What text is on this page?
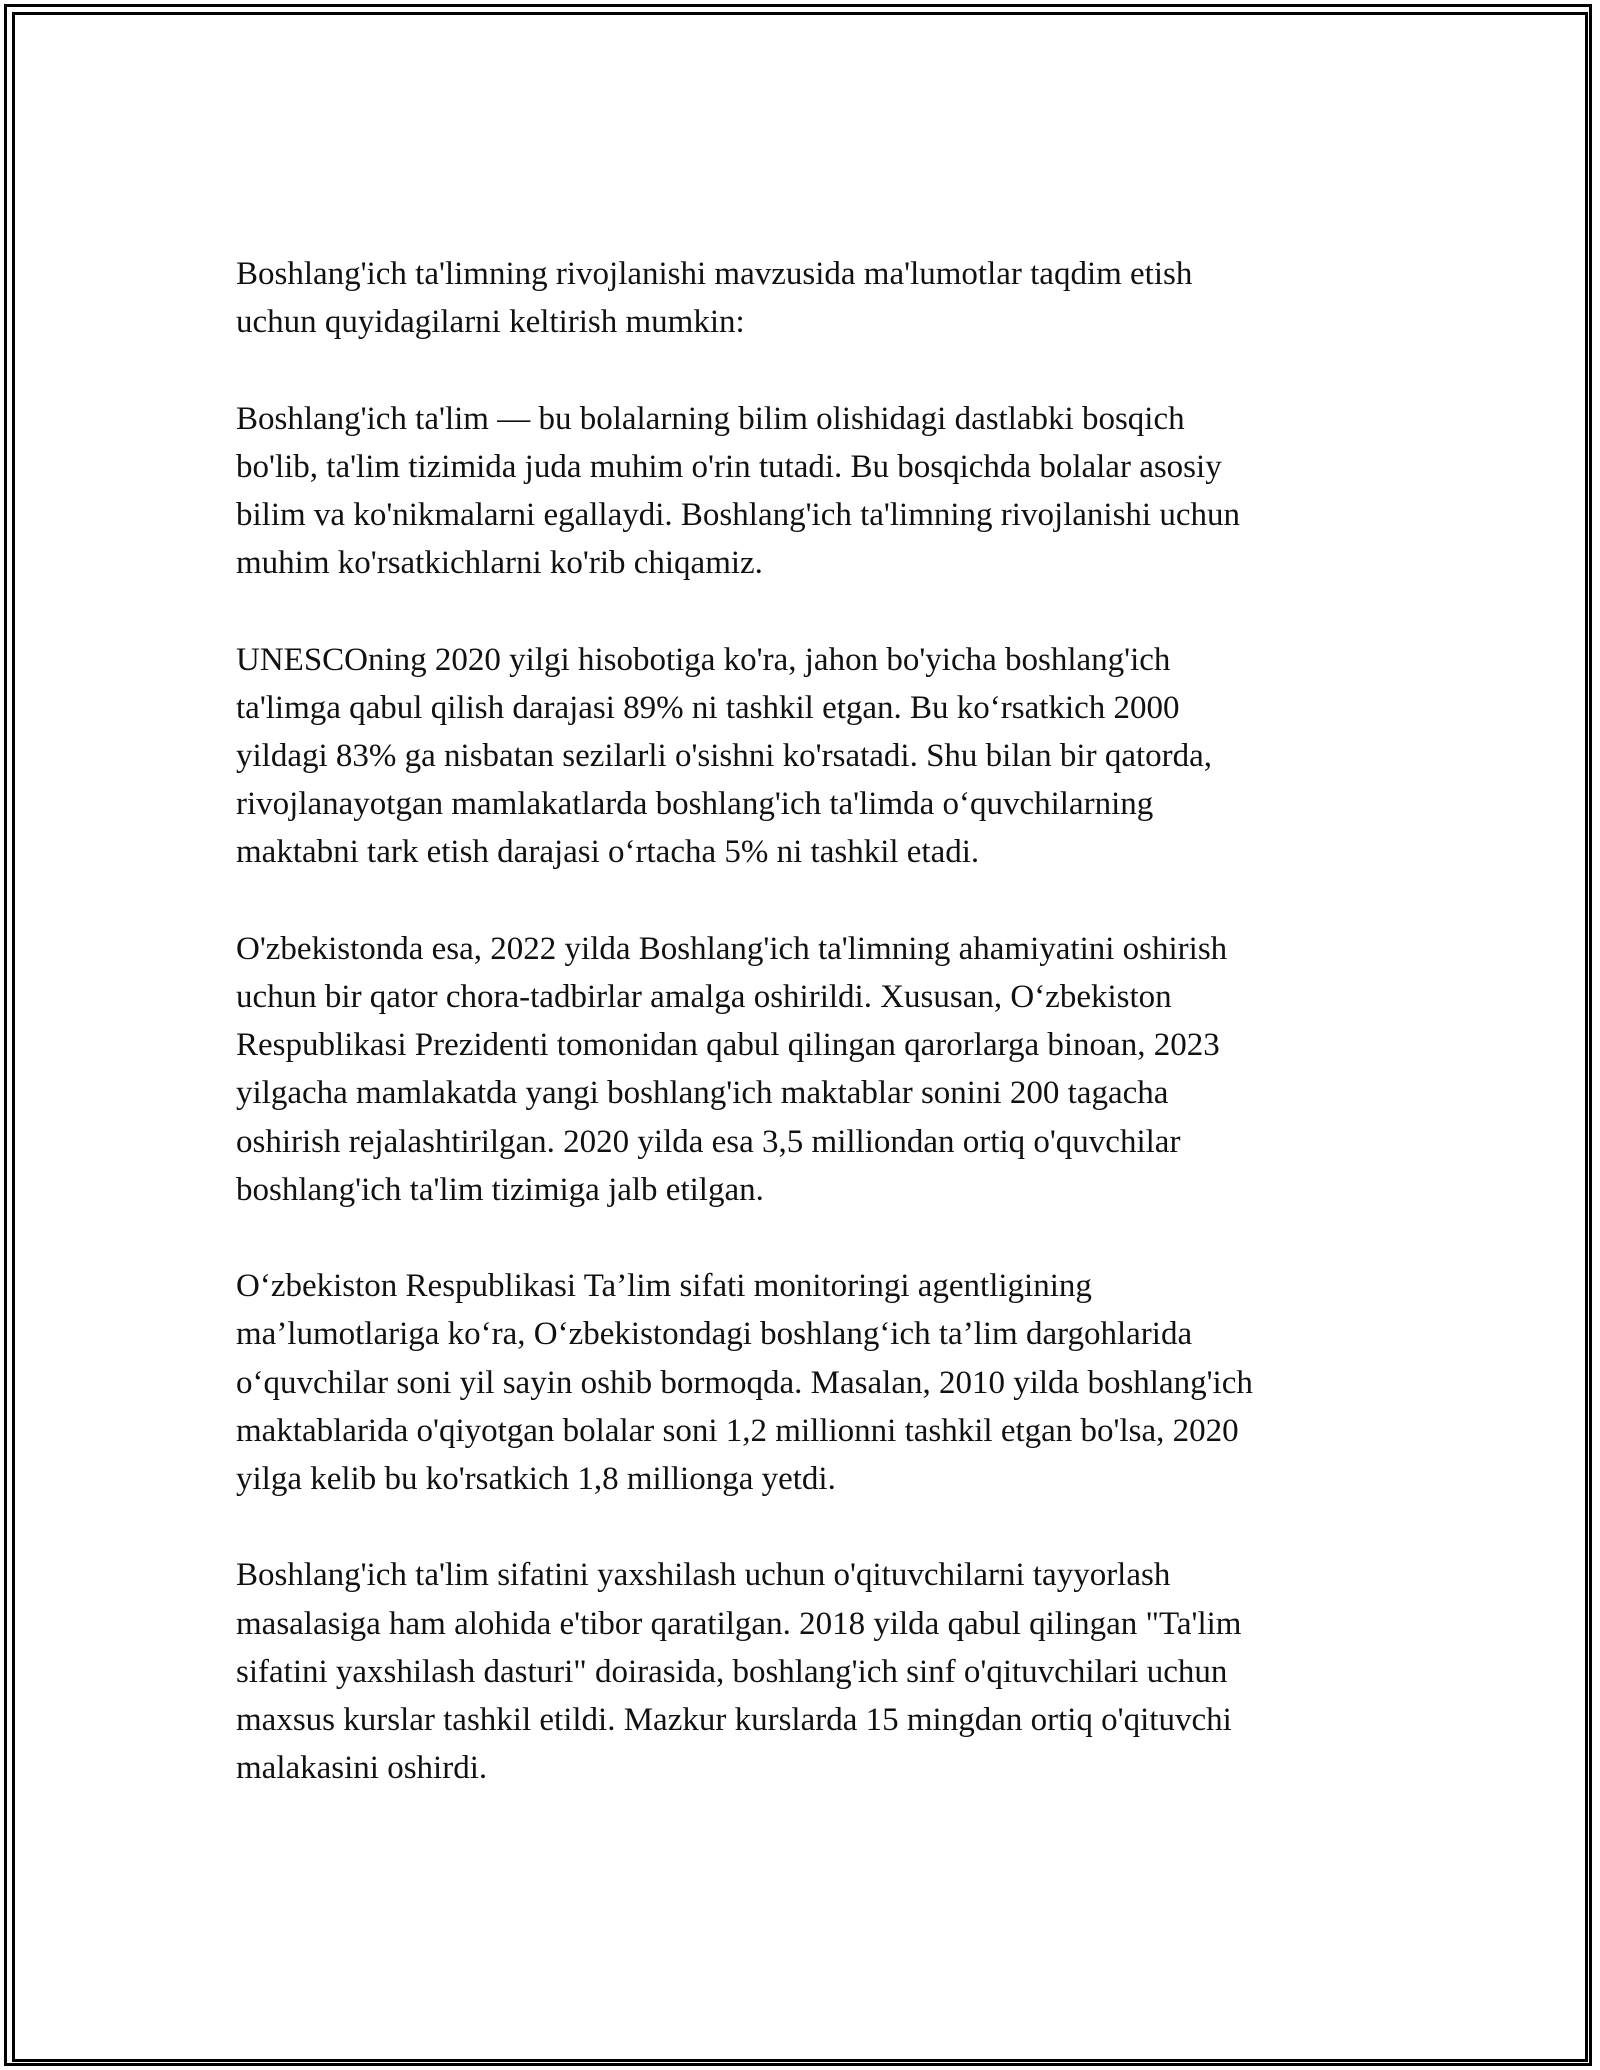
Boshlang'ich ta'limning rivojlanishi mavzusida ma'lumotlar taqdim etish
uchun quyidagilarni keltirish mumkin:

Boshlang'ich ta'lim — bu bolalarning bilim olishidagi dastlabki bosqich
bo'lib, ta'lim tizimida juda muhim o'rin tutadi. Bu bosqichda bolalar asosiy
bilim va ko'nikmalarni egallaydi. Boshlang'ich ta'limning rivojlanishi uchun
muhim ko'rsatkichlarni ko'rib chiqamiz.

UNESCOning 2020 yilgi hisobotiga ko'ra, jahon bo'yicha boshlang'ich
ta'limga qabul qilish darajasi 89% ni tashkil etgan. Bu koʻrsatkich 2000
yildagi 83% ga nisbatan sezilarli o'sishni ko'rsatadi. Shu bilan bir qatorda,
rivojlanayotgan mamlakatlarda boshlang'ich ta'limda oʻquvchilarning
maktabni tark etish darajasi oʻrtacha 5% ni tashkil etadi.

O'zbekistonda esa, 2022 yilda Boshlang'ich ta'limning ahamiyatini oshirish
uchun bir qator chora-tadbirlar amalga oshirildi. Xususan, Oʻzbekiston
Respublikasi Prezidenti tomonidan qabul qilingan qarorlarga binoan, 2023
yilgacha mamlakatda yangi boshlang'ich maktablar sonini 200 tagacha
oshirish rejalashtirilgan. 2020 yilda esa 3,5 milliondan ortiq o'quvchilar
boshlang'ich ta'lim tizimiga jalb etilgan.

Oʻzbekiston Respublikasi Ta’lim sifati monitoringi agentligining
ma’lumotlariga koʻra, Oʻzbekistondagi boshlangʻich ta’lim dargohlarida
oʻquvchilar soni yil sayin oshib bormoqda. Masalan, 2010 yilda boshlang'ich
maktablarida o'qiyotgan bolalar soni 1,2 millionni tashkil etgan bo'lsa, 2020
yilga kelib bu ko'rsatkich 1,8 millionga yetdi.

Boshlang'ich ta'lim sifatini yaxshilash uchun o'qituvchilarni tayyorlash
masalasiga ham alohida e'tibor qaratilgan. 2018 yilda qabul qilingan "Ta'lim
sifatini yaxshilash dasturi" doirasida, boshlang'ich sinf o'qituvchilari uchun
maxsus kurslar tashkil etildi. Mazkur kurslarda 15 mingdan ortiq o'qituvchi
malakasini oshirdi.
